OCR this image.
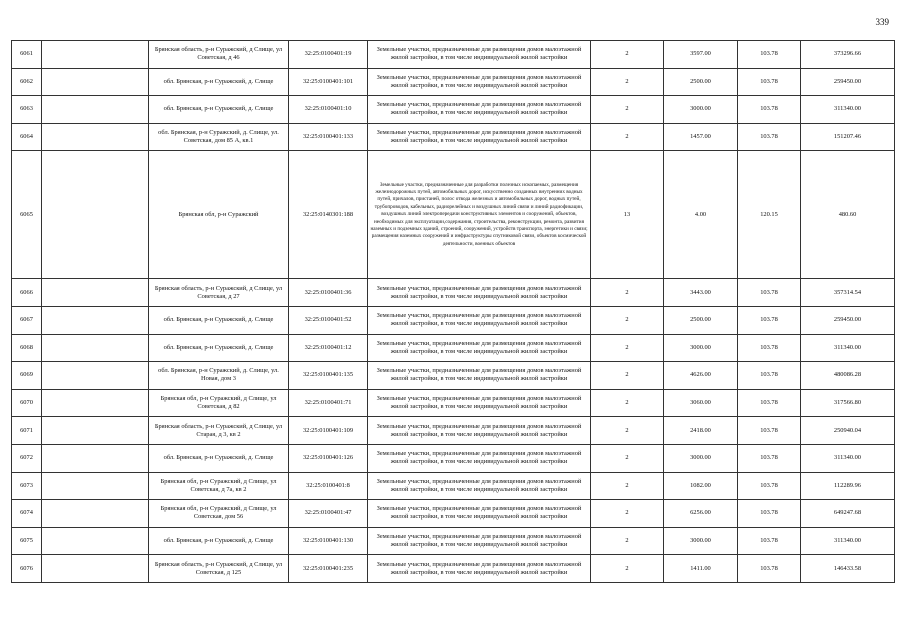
339
6061		Брянская область, р-н Суражский, д Слище, ул Советская, д 46	32:25:0100401:19	Земельные участки, предназначенные для размещения домов малоэтажной жилой застройки, в том числе индивидуальной жилой застройки	2	3597.00	103.78	373296.66
6062		обл. Брянская, р-н Суражский, д. Слище	32:25:0100401:101	Земельные участки, предназначенные для размещения домов малоэтажной жилой застройки, в том числе индивидуальной жилой застройки	2	2500.00	103.78	259450.00
6063		обл. Брянская, р-н Суражский, д. Слище	32:25:0100401:10	Земельные участки, предназначенные для размещения домов малоэтажной жилой застройки, в том числе индивидуальной жилой застройки	2	3000.00	103.78	311340.00
6064		обл. Брянская, р-н Суражский, д. Слище, ул. Советская, дом 85 А, кв.1	32:25:0100401:133	Земельные участки, предназначенные для размещения домов малоэтажной жилой застройки, в том числе индивидуальной жилой застройки	2	1457.00	103.78	151207.46
6065		Брянская обл, р-н Суражский	32:25:0140301:188	Земельные участки, предназначенные для разработки полезных ископаемых, размещения железнодорожных путей, автомобильных дорог, искусственно созданных внутренних водных путей, причалов, пристаней, полос отвода железных и автомобильных дорог, водных путей, трубопроводов, кабельных, радиорелейных и воздушных линий связи и линий радиофикации, воздушных линий электропередачи конструктивных элементов и сооружений, объектов, необходимых для эксплуатации,содержания, строительства, реконструкции, ремонта, развития наземных и подземных зданий, строений, сооружений, устройств транспорта, энергетики и связи; размещения наземных сооружений и инфраструктуры спутниковой связи, объектов космической деятельности, военных объектов	13	4.00	120.15	480.60
6066		Брянская область, р-н Суражский, д Слище, ул Советская, д 27	32:25:0100401:36	Земельные участки, предназначенные для размещения домов малоэтажной жилой застройки, в том числе индивидуальной жилой застройки	2	3443.00	103.78	357314.54
6067		обл. Брянская, р-н Суражский, д. Слище	32:25:0100401:52	Земельные участки, предназначенные для размещения домов малоэтажной жилой застройки, в том числе индивидуальной жилой застройки	2	2500.00	103.78	259450.00
6068		обл. Брянская, р-н Суражский, д. Слище	32:25:0100401:12	Земельные участки, предназначенные для размещения домов малоэтажной жилой застройки, в том числе индивидуальной жилой застройки	2	3000.00	103.78	311340.00
6069		обл. Брянская, р-н Суражский, д. Слище, ул. Новая, дом 3	32:25:0100401:135	Земельные участки, предназначенные для размещения домов малоэтажной жилой застройки, в том числе индивидуальной жилой застройки	2	4626.00	103.78	480086.28
6070		Брянская обл, р-н Суражский, д Слище, ул Советская, д 82	32:25:0100401:71	Земельные участки, предназначенные для размещения домов малоэтажной жилой застройки, в том числе индивидуальной жилой застройки	2	3060.00	103.78	317566.80
6071		Брянская область, р-н Суражский, д Слище, ул Старая, д 3, кв 2	32:25:0100401:109	Земельные участки, предназначенные для размещения домов малоэтажной жилой застройки, в том числе индивидуальной жилой застройки	2	2418.00	103.78	250940.04
6072		обл. Брянская, р-н Суражский, д. Слище	32:25:0100401:126	Земельные участки, предназначенные для размещения домов малоэтажной жилой застройки, в том числе индивидуальной жилой застройки	2	3000.00	103.78	311340.00
6073		Брянская обл, р-н Суражский, д Слище, ул Советская, д 7а, кв 2	32:25:0100401:8	Земельные участки, предназначенные для размещения домов малоэтажной жилой застройки, в том числе индивидуальной жилой застройки	2	1082.00	103.78	112289.96
6074		Брянская обл, р-н Суражский, д Слище, ул Советская, дом 56	32:25:0100401:47	Земельные участки, предназначенные для размещения домов малоэтажной жилой застройки, в том числе индивидуальной жилой застройки	2	6256.00	103.78	649247.68
6075		обл. Брянская, р-н Суражский, д. Слище	32:25:0100401:130	Земельные участки, предназначенные для размещения домов малоэтажной жилой застройки, в том числе индивидуальной жилой застройки	2	3000.00	103.78	311340.00
6076		Брянская область, р-н Суражский, д Слище, ул Советская, д 125	32:25:0100401:235	Земельные участки, предназначенные для размещения домов малоэтажной жилой застройки, в том числе индивидуальной жилой застройки	2	1411.00	103.78	146433.58
